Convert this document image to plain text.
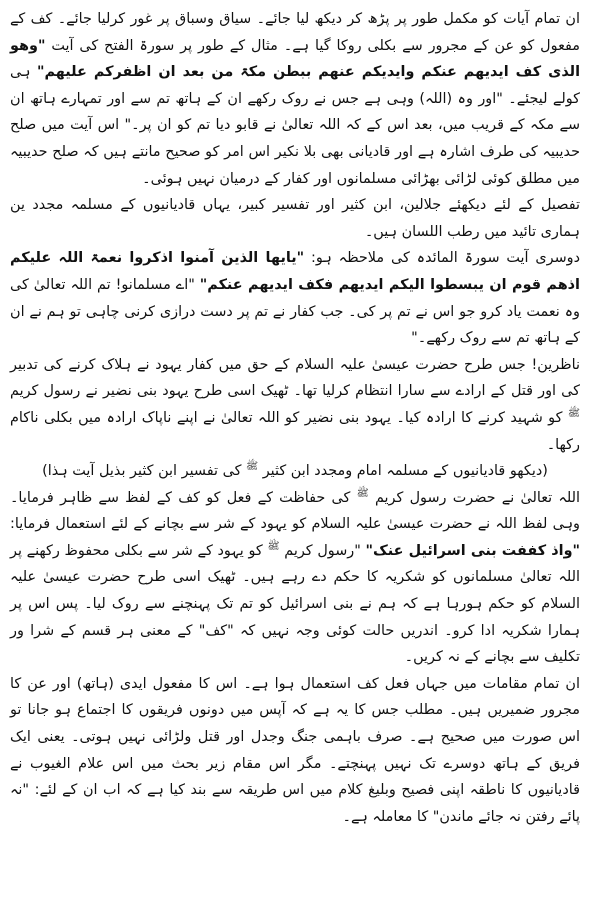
ان تمام آیات کو مکمل طور پر پڑھ کر دیکھ لیا جائے۔ سیاق وسباق پر غور کرلیا جائے۔ کف کے مفعول کو عن کے مجرور سے بکلی روکا گیا ہے۔ مثال کے طور پر سورۃ الفتح کی آیت "وھو الذی کف ایدیھم عنکم وایدیکم عنھم ببطن مکۃ من بعد ان اظفرکم علیھم" ہی کولے لیجئے۔ "اور وہ (اللہ) وہی ہے جس نے روک رکھے ان کے ہاتھ تم سے اور تمہارے ہاتھ ان سے مکہ کے قریب میں، بعد اس کے کہ اللہ تعالیٰ نے قابو دیا تم کو ان پر۔" اس آیت میں صلح حدیبیہ کی طرف اشارہ ہے اور قادیانی بھی بلا نکیر اس امر کو صحیح مانتے ہیں کہ صلح حدیبیہ میں مطلق کوئی لڑائی بھڑائی مسلمانوں اور کفار کے درمیان نہیں ہوئی۔

تفصیل کے لئے دیکھئے جلالین، ابن کثیر اور تفسیر کبیر، یہاں قادیانیوں کے مسلمہ مجدد ین ہماری تائید میں رطب اللسان ہیں۔

دوسری آیت سورۃ المائدہ کی ملاحظہ ہو: "یایھا الذین آمنوا اذکروا نعمۃ اللہ علیکم اذھم قوم ان یبسطوا الیکم ایدیھم فکف ایدیھم عنکم" "اے مسلمانو! تم اللہ تعالیٰ کی وہ نعمت یاد کرو جو اس نے تم پر کی۔ جب کفار نے تم پر دست درازی کرنی چاہی تو ہم نے ان کے ہاتھ تم سے روک رکھے۔"

ناظرین! جس طرح حضرت عیسیٰ علیہ السلام کے حق میں کفار یہود نے ہلاک کرنے کی تدبیر کی اور قتل کے ارادے سے سارا انتظام کرلیا تھا۔ ٹھیک اسی طرح یہود بنی نضیر نے رسول کریم ﷺ کو شہید کرنے کا ارادہ کیا۔ یہود بنی نضیر کو اللہ تعالیٰ نے اپنے ناپاک ارادہ میں بکلی ناکام رکھا۔

(دیکھو قادیانیوں کے مسلمہ امام ومجدد ابن کثیر ﷺ کی تفسیر ابن کثیر بذیل آیت ہذا)

اللہ تعالیٰ نے حضرت رسول کریم ﷺ کی حفاظت کے فعل کو کف کے لفظ سے ظاہر فرمایا۔ وہی لفظ اللہ نے حضرت عیسیٰ علیہ السلام کو یہود کے شر سے بچانے کے لئے استعمال فرمایا: "واذ کففت بنی اسرائیل عنک" "رسول کریم ﷺ کو یہود کے شر سے بکلی محفوظ رکھنے پر اللہ تعالیٰ مسلمانوں کو شکریہ کا حکم دے رہے ہیں۔ ٹھیک اسی طرح حضرت عیسیٰ علیہ السلام کو حکم ہورہا ہے کہ ہم نے بنی اسرائیل کو تم تک پہنچنے سے روک لیا۔ پس اس پر ہمارا شکریہ ادا کرو۔ اندریں حالت کوئی وجہ نہیں کہ "کف" کے معنی ہر قسم کے شرا ور تکلیف سے بچانے کے نہ کریں۔

ان تمام مقامات میں جہاں فعل کف استعمال ہوا ہے۔ اس کا مفعول ایدی (ہاتھ) اور عن کا مجرور ضمیریں ہیں۔ مطلب جس کا یہ ہے کہ آپس میں دونوں فریقوں کا اجتماع ہو جانا تو اس صورت میں صحیح ہے۔ صرف باہمی جنگ وجدل اور قتل ولڑائی نہیں ہوتی۔ یعنی ایک فریق کے ہاتھ دوسرے تک نہیں پہنچتے۔ مگر اس مقام زیر بحث میں اس علام الغیوب نے قادیانیوں کا ناطقہ اپنی فصیح وبلیغ کلام میں اس طریقہ سے بند کیا ہے کہ اب ان کے لئے: "نہ پائے رفتن نہ جائے ماندن" کا معاملہ ہے۔
